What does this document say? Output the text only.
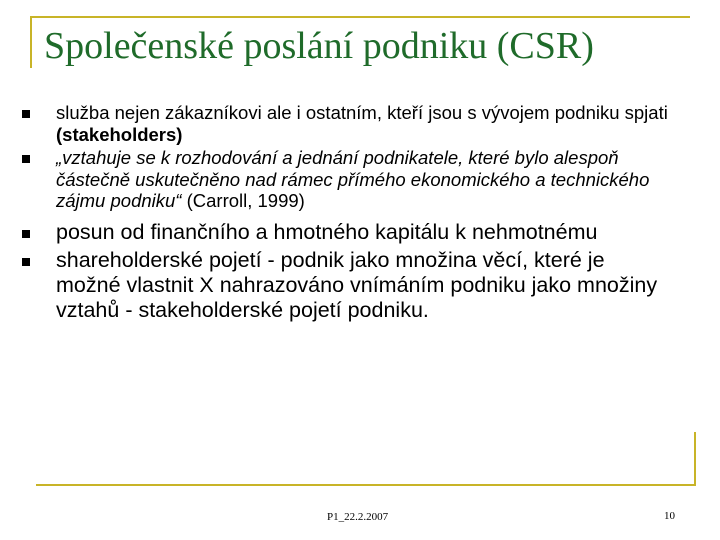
Společenské poslání podniku (CSR)
služba nejen zákazníkovi ale i ostatním, kteří jsou s vývojem podniku spjati (stakeholders)
„vztahuje se k rozhodování a jednání podnikatele, které bylo alespoň částečně uskutečněno nad rámec přímého ekonomického a technického zájmu podniku“ (Carroll, 1999)
posun od finančního a hmotného kapitálu k nehmotnému
shareholderské pojetí - podnik jako množina věcí, které je možné vlastnit X nahrazováno vnímáním podniku jako množiny vztahů - stakeholderské pojetí podniku.
P1_22.2.2007	10
